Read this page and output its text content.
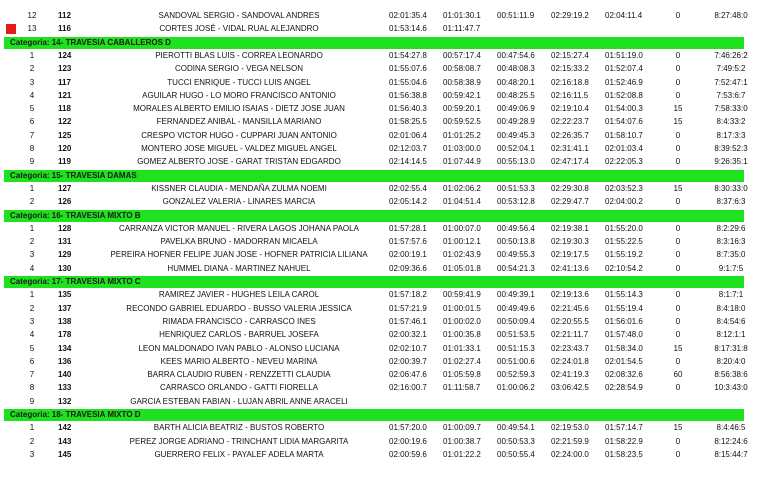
12	112	SANDOVAL SERGIO - SANDOVAL ANDRES	02:01:35.4	01:01:30.1	00:51:11.9	02:29:19.2	02:04:11.4	0	8:27:48:0
13	116	CORTES JOSÉ - VIDAL RUAL ALEJANDRO	01:53:14.6	01:11:47.7
Categoria: 14- TRAVESIA CABALLEROS D
1	124	PIEROTTI BLAS LUIS - CORREA LEONARDO	01:54:27.8	00:57:17.4	00:47:54.6	02:15:27.4	01:51:19.0	0	7:46:26:2
2	123	CODINA SERGIO - VEGA NELSON	01:55:07.6	00:58:08.7	00:48:08.3	02:15:33.2	01:52:07.4	0	7:49:5:2
3	117	TUCCI ENRIQUE - TUCCI LUIS ANGEL	01:55:04.6	00:58:38.9	00:48:20.1	02:16:18.8	01:52:46.9	0	7:52:47:1
4	121	AGUILAR HUGO - LO MORO FRANCISCO ANTONIO	01:56:38.8	00:59:42.1	00:48:25.5	02:16:11.5	01:52:08.8	0	7:53:6:7
5	118	MORALES ALBERTO EMILIO ISAIAS - DIETZ JOSE JUAN	01:56:40.3	00:59:20.1	00:49:06.9	02:19:10.4	01:54:00.3	15	7:58:33:0
6	122	FERNANDEZ ANIBAL - MANSILLA MARIANO	01:58:25.5	00:59:52.5	00:49:28.9	02:22:23.7	01:54:07.6	15	8:4:33:2
7	125	CRESPO VICTOR HUGO - CUPPARI JUAN ANTONIO	02:01:06.4	01:01:25.2	00:49:45.3	02:26:35.7	01:58:10.7	0	8:17:3:3
8	120	MONTERO JOSE MIGUEL - VALDEZ MIGUEL ANGEL	02:12:03.7	01:03:00.0	00:52:04.1	02:31:41.1	02:01:03.4	0	8:39:52:3
9	119	GOMEZ ALBERTO JOSE - GARAT TRISTAN EDGARDO	02:14:14.5	01:07:44.9	00:55:13.0	02:47:17.4	02:22:05.3	0	9:26:35:1
Categoria: 15- TRAVESIA DAMAS
1	127	KISSNER CLAUDIA - MENDAÑA ZULMA NOEMI	02:02:55.4	01:02:06.2	00:51:53.3	02:29:30.8	02:03:52.3	15	8:30:33:0
2	126	GONZALEZ VALERIA - LINARES MARCIA	02:05:14.2	01:04:51.4	00:53:12.8	02:29:47.7	02:04:00.2	0	8:37:6:3
Categoria: 16- TRAVESIA MIXTO B
1	128	CARRANZA VICTOR MANUEL - RIVERA LAGOS JOHANA PAOLA	01:57:28.1	01:00:07.0	00:49:56.4	02:19:38.1	01:55:20.0	0	8:2:29:6
2	131	PAVELKA BRUNO - MADORRAN MICAELA	01:57:57.6	01:00:12.1	00:50:13.8	02:19:30.3	01:55:22.5	0	8:3:16:3
3	129	PEREIRA HOFNER FELIPE JUAN JOSE - HOFNER PATRICIA LILIANA	02:00:19.1	01:02:43.9	00:49:55.3	02:19:17.5	01:55:19.2	0	8:7:35:0
4	130	HUMMEL DIANA - MARTINEZ NAHUEL	02:09:36.6	01:05:01.8	00:54:21.3	02:41:13.6	02:10:54.2	0	9:1:7:5
Categoria: 17- TRAVESIA MIXTO C
1	135	RAMIREZ JAVIER - HUGHES LEILA CAROL	01:57:18.2	00:59:41.9	00:49:39.1	02:19:13.6	01:55:14.3	0	8:1:7:1
2	137	RECONDO GABRIEL EDUARDO - BUSSO VALERIA JESSICA	01:57:21.9	01:00:01.5	00:49:49.6	02:21:45.6	01:55:19.4	0	8:4:18:0
3	138	RIMADA FRANCISCO - CARRASCO INES	01:57:46.1	01:00:02.0	00:50:09.4	02:20:55.5	01:56:01.6	0	8:4:54:6
4	178	HENRIQUEZ CARLOS - BARRUEL JOSEFA	02:00:32.1	01:00:35.8	00:51:53.5	02:21:11.7	01:57:48.0	0	8:12:1:1
5	134	LEON MALDONADO IVAN PABLO - ALONSO LUCIANA	02:02:10.7	01:01:33.1	00:51:15.3	02:23:43.7	01:58:34.0	15	8:17:31:8
6	136	KEES MARIO ALBERTO - NEVEU MARINA	02:00:39.7	01:02:27.4	00:51:00.6	02:24:01.8	02:01:54.5	0	8:20:4:0
7	140	BARRA CLAUDIO RUBEN - RENZZETTI CLAUDIA	02:06:47.6	01:05:59.8	00:52:59.3	02:41:19.3	02:08:32.6	60	8:56:38:6
8	133	CARRASCO ORLANDO - GATTI FIORELLA	02:16:00.7	01:11:58.7	01:00:06.2	03:06:42.5	02:28:54.9	0	10:3:43:0
9	132	GARCIA ESTEBAN FABIAN - LUJAN ABRIL ANNE ARACELI
Categoria: 18- TRAVESIA MIXTO D
1	142	BARTH ALICIA BEATRIZ - BUSTOS ROBERTO	01:57:20.0	01:00:09.7	00:49:54.1	02:19:53.0	01:57:14.7	15	8:4:46:5
2	143	PEREZ JORGE ADRIANO - TRINCHANT LIDIA MARGARITA	02:00:19.6	01:00:38.7	00:50:53.3	02:21:59.9	01:58:22.9	0	8:12:24:6
3	145	GUERRERO FELIX - PAYALEF ADELA MARTA	02:00:59.6	01:01:22.2	00:50:55.4	02:24:00.0	01:58:23.5	0	8:15:44:7
